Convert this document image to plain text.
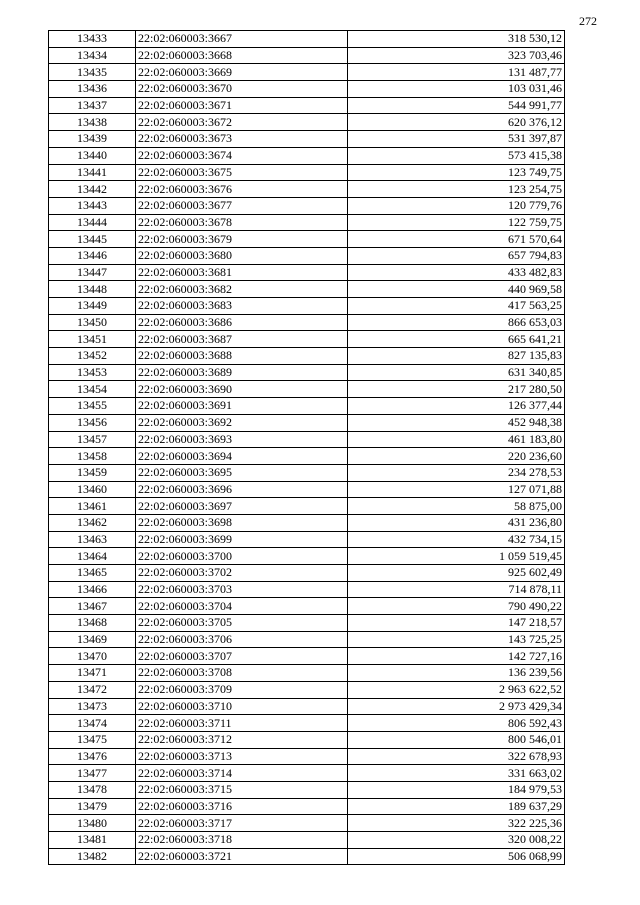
272
13433	22:02:060003:3667	318 530,12
13434	22:02:060003:3668	323 703,46
13435	22:02:060003:3669	131 487,77
13436	22:02:060003:3670	103 031,46
13437	22:02:060003:3671	544 991,77
13438	22:02:060003:3672	620 376,12
13439	22:02:060003:3673	531 397,87
13440	22:02:060003:3674	573 415,38
13441	22:02:060003:3675	123 749,75
13442	22:02:060003:3676	123 254,75
13443	22:02:060003:3677	120 779,76
13444	22:02:060003:3678	122 759,75
13445	22:02:060003:3679	671 570,64
13446	22:02:060003:3680	657 794,83
13447	22:02:060003:3681	433 482,83
13448	22:02:060003:3682	440 969,58
13449	22:02:060003:3683	417 563,25
13450	22:02:060003:3686	866 653,03
13451	22:02:060003:3687	665 641,21
13452	22:02:060003:3688	827 135,83
13453	22:02:060003:3689	631 340,85
13454	22:02:060003:3690	217 280,50
13455	22:02:060003:3691	126 377,44
13456	22:02:060003:3692	452 948,38
13457	22:02:060003:3693	461 183,80
13458	22:02:060003:3694	220 236,60
13459	22:02:060003:3695	234 278,53
13460	22:02:060003:3696	127 071,88
13461	22:02:060003:3697	58 875,00
13462	22:02:060003:3698	431 236,80
13463	22:02:060003:3699	432 734,15
13464	22:02:060003:3700	1 059 519,45
13465	22:02:060003:3702	925 602,49
13466	22:02:060003:3703	714 878,11
13467	22:02:060003:3704	790 490,22
13468	22:02:060003:3705	147 218,57
13469	22:02:060003:3706	143 725,25
13470	22:02:060003:3707	142 727,16
13471	22:02:060003:3708	136 239,56
13472	22:02:060003:3709	2 963 622,52
13473	22:02:060003:3710	2 973 429,34
13474	22:02:060003:3711	806 592,43
13475	22:02:060003:3712	800 546,01
13476	22:02:060003:3713	322 678,93
13477	22:02:060003:3714	331 663,02
13478	22:02:060003:3715	184 979,53
13479	22:02:060003:3716	189 637,29
13480	22:02:060003:3717	322 225,36
13481	22:02:060003:3718	320 008,22
13482	22:02:060003:3721	506 068,99
